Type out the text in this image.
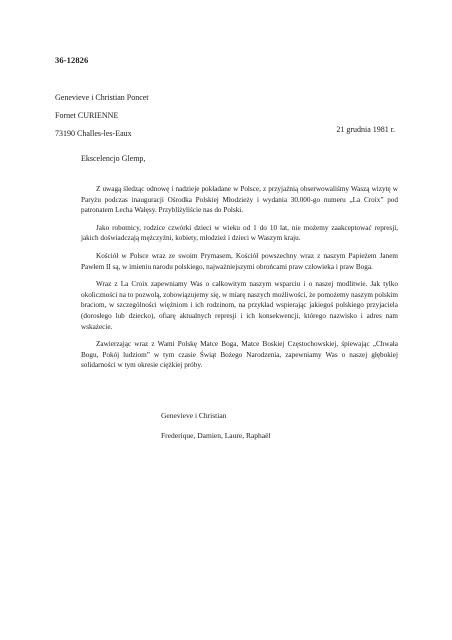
36-12826
Genevieve i Christian Poncet
Fornet CURIENNE
73190 Challes-les-Eaux	21 grudnia 1981 r.
Ekscelencjo Glemp,

Z uwagą śledząc odnowę i nadzieje pokładane w Polsce, z przyjaźnią obserwowaliśmy Waszą wizytę w Paryżu podczas inauguracji Ośrodka Polskiej Młodzieży i wydania 30.000-go numeru „La Croix” pod patronatem Lecha Wałęsy. Przybliżyliście nas do Polski.

Jako robotnicy, rodzice czwórki dzieci w wieku od 1 do 10 lat, nie możemy zaakceptować represji, jakich doświadczają mężczyźni, kobiety, młodzież i dzieci w Waszym kraju.

Kościół w Polsce wraz ze swoim Prymasem, Kościół powszechny wraz z naszym Papieżem Janem Pawłem II są, w imieniu narodu polskiego, najważniejszymi obrońcami praw człowieka i praw Boga.

Wraz z La Croix zapewniamy Was o całkowitym naszym wsparciu i o naszej modlitwie. Jak tylko okoliczności na to pozwolą, zobowiązujemy się, w miarę naszych możliwości, że pomożemy naszym polskim braciom, w szczególności więźniom i ich rodzinom, na przykład wspierając jakiegoś polskiego przyjaciela (dorosłego lub dziecko), ofiarę aktualnych represji i ich konsekwencji, którego nazwisko i adres nam wskażecie.

Zawierzając wraz z Wami Polskę Matce Boga, Matce Boskiej Częstochowskiej, śpiewając „Chwała Bogu, Pokój ludziom” w tym czasie Świąt Bożego Narodzenia, zapewniamy Was o naszej głębokiej solidarności w tym okresie ciężkiej próby.

Genevieve i Christian
Frederique, Damien, Laure, Raphaël
